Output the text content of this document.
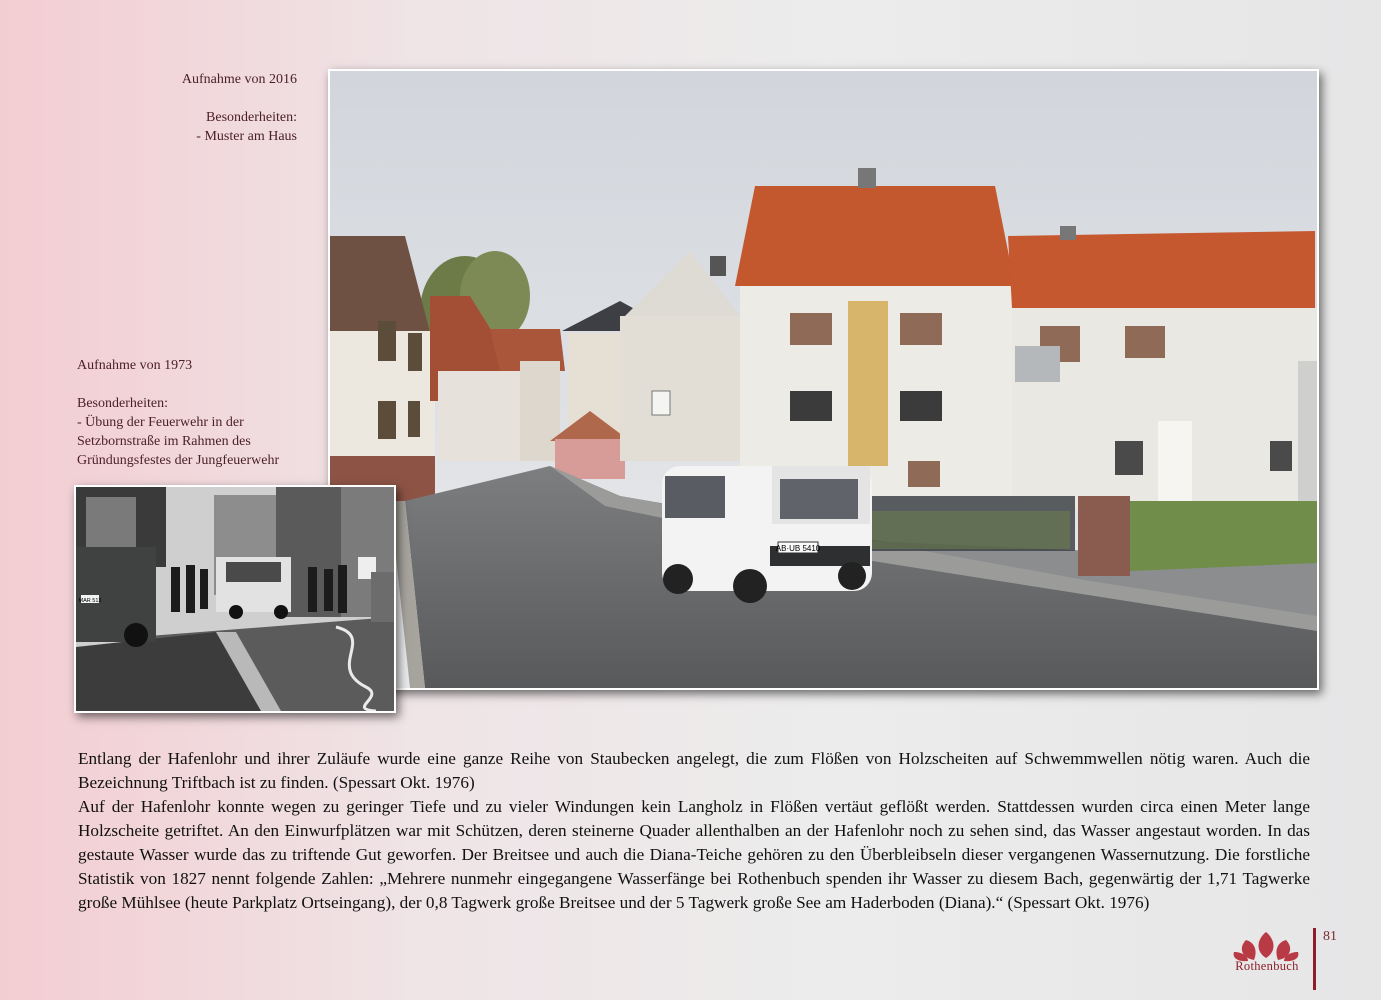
Aufnahme von 2016

Besonderheiten:
- Muster am Haus
AB·UB 5410
Aufnahme von 1973

Besonderheiten:
- Übung der Feuerwehr in der
Setzbornstraße im Rahmen des
Gründungsfestes der Jungfeuerwehr
MAR 513

Entlang der Hafenlohr und ihrer Zuläufe wurde eine ganze Reihe von Staubecken angelegt, die zum Flößen von Holzscheiten auf Schwemmwellen nötig waren. Auch die Bezeichnung Triftbach ist zu finden. (Spessart Okt. 1976)

Auf der Hafenlohr konnte wegen zu geringer Tiefe und zu vieler Windungen kein Langholz in Flößen vertäut geflößt werden. Stattdessen wurden circa einen Meter lange Holzscheite getriftet. An den Einwurfplätzen war mit Schützen, deren steinerne Quader allenthalben an der Hafenlohr noch zu sehen sind, das Wasser angestaut worden. In das gestaute Wasser wurde das zu triftende Gut geworfen. Der Breitsee und auch die Diana-Teiche gehören zu den Überbleibseln dieser vergangenen Wassernutzung. Die forstliche Statistik von 1827 nennt folgende Zahlen: „Mehrere nunmehr eingegangene Wasserfänge bei Rothenbuch spenden ihr Wasser zu diesem Bach, gegenwärtig der 1,71 Tagwerke große Mühlsee (heute Parkplatz Ortseingang), der 0,8 Tagwerk große Breitsee und der 5 Tagwerk große See am Haderboden (Diana).“ (Spessart Okt. 1976)

Rothenbuch
81
